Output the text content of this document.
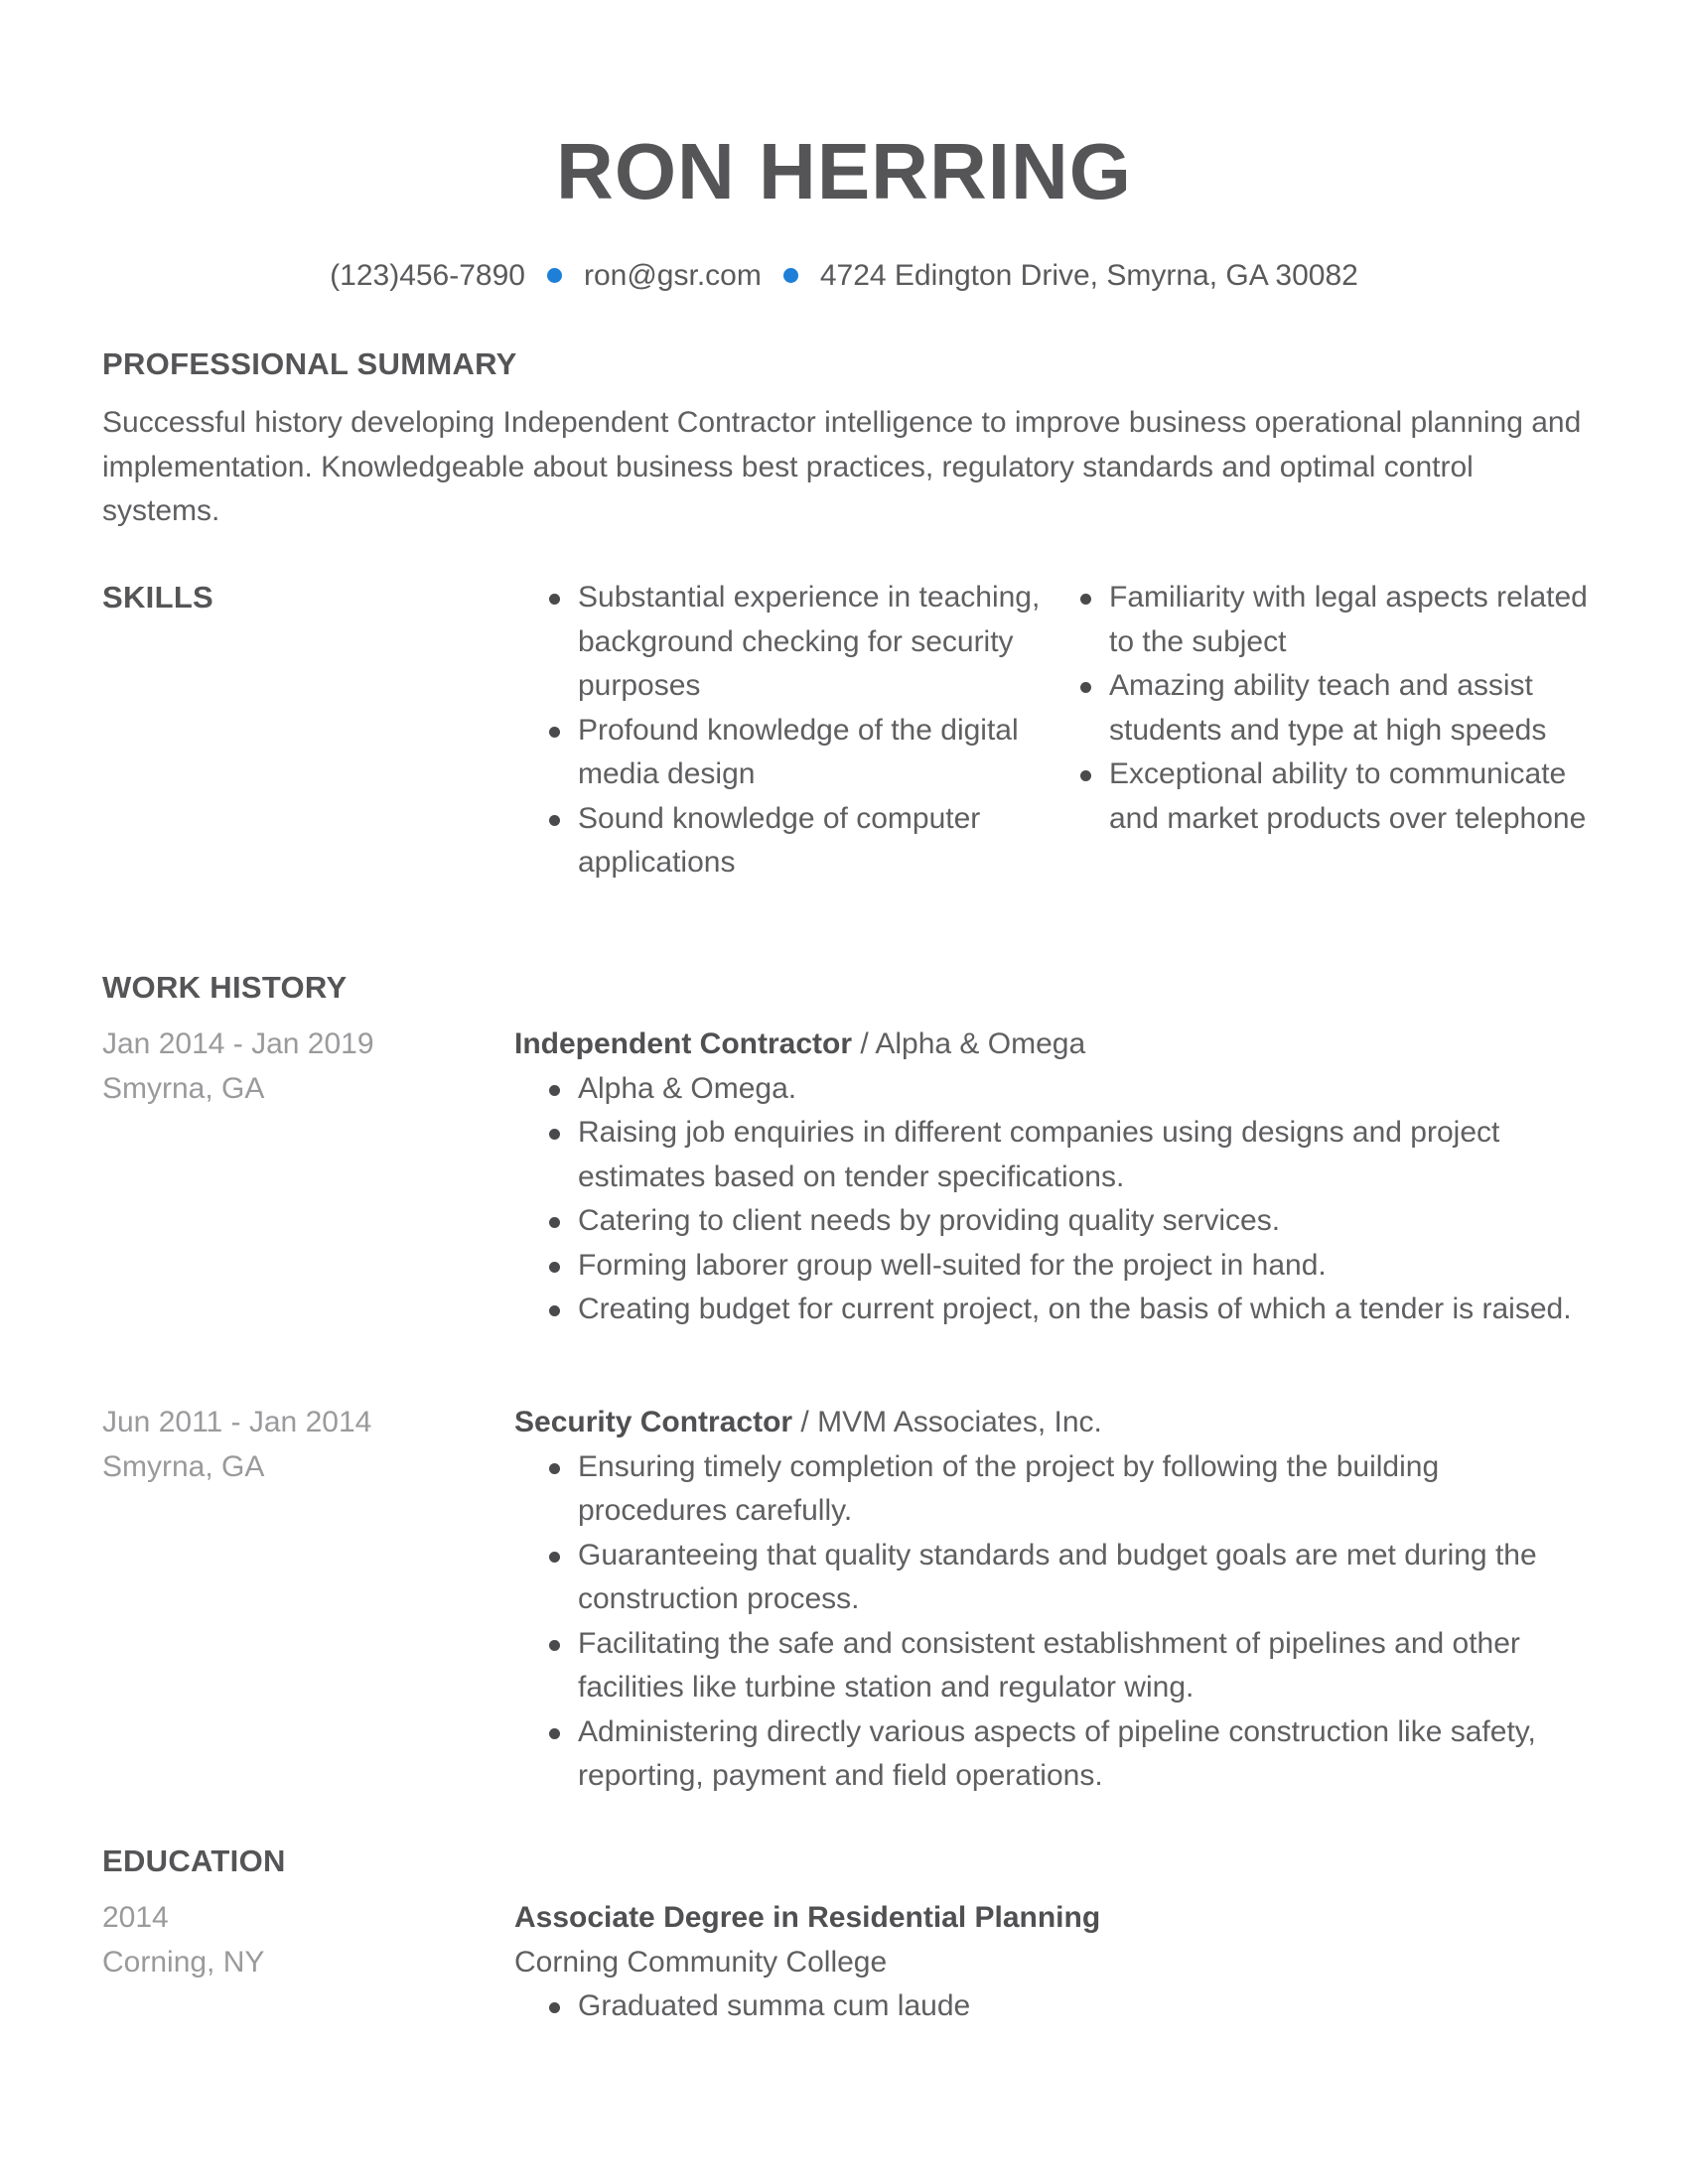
RON HERRING
(123)456-7890 ron@gsr.com 4724 Edington Drive, Smyrna, GA 30082
PROFESSIONAL SUMMARY
Successful history developing Independent Contractor intelligence to improve business operational planning and implementation. Knowledgeable about business best practices, regulatory standards and optimal control systems.
SKILLS	Substantial experience in teaching, background checking for security purposes
Profound knowledge of the digital media design
Sound knowledge of computer applications
Familiarity with legal aspects related to the subject
Amazing ability teach and assist students and type at high speeds
Exceptional ability to communicate and market products over telephone
WORK HISTORY
Jan 2014 - Jan 2019
Smyrna, GA
Independent Contractor / Alpha & Omega
Alpha & Omega.
Raising job enquiries in different companies using designs and project estimates based on tender specifications.
Catering to client needs by providing quality services.
Forming laborer group well-suited for the project in hand.
Creating budget for current project, on the basis of which a tender is raised.
Jun 2011 - Jan 2014
Smyrna, GA
Security Contractor / MVM Associates, Inc.
Ensuring timely completion of the project by following the building procedures carefully.
Guaranteeing that quality standards and budget goals are met during the construction process.
Facilitating the safe and consistent establishment of pipelines and other facilities like turbine station and regulator wing.
Administering directly various aspects of pipeline construction like safety, reporting, payment and field operations.
EDUCATION
2014
Corning, NY
Associate Degree in Residential Planning
Corning Community College
Graduated summa cum laude
